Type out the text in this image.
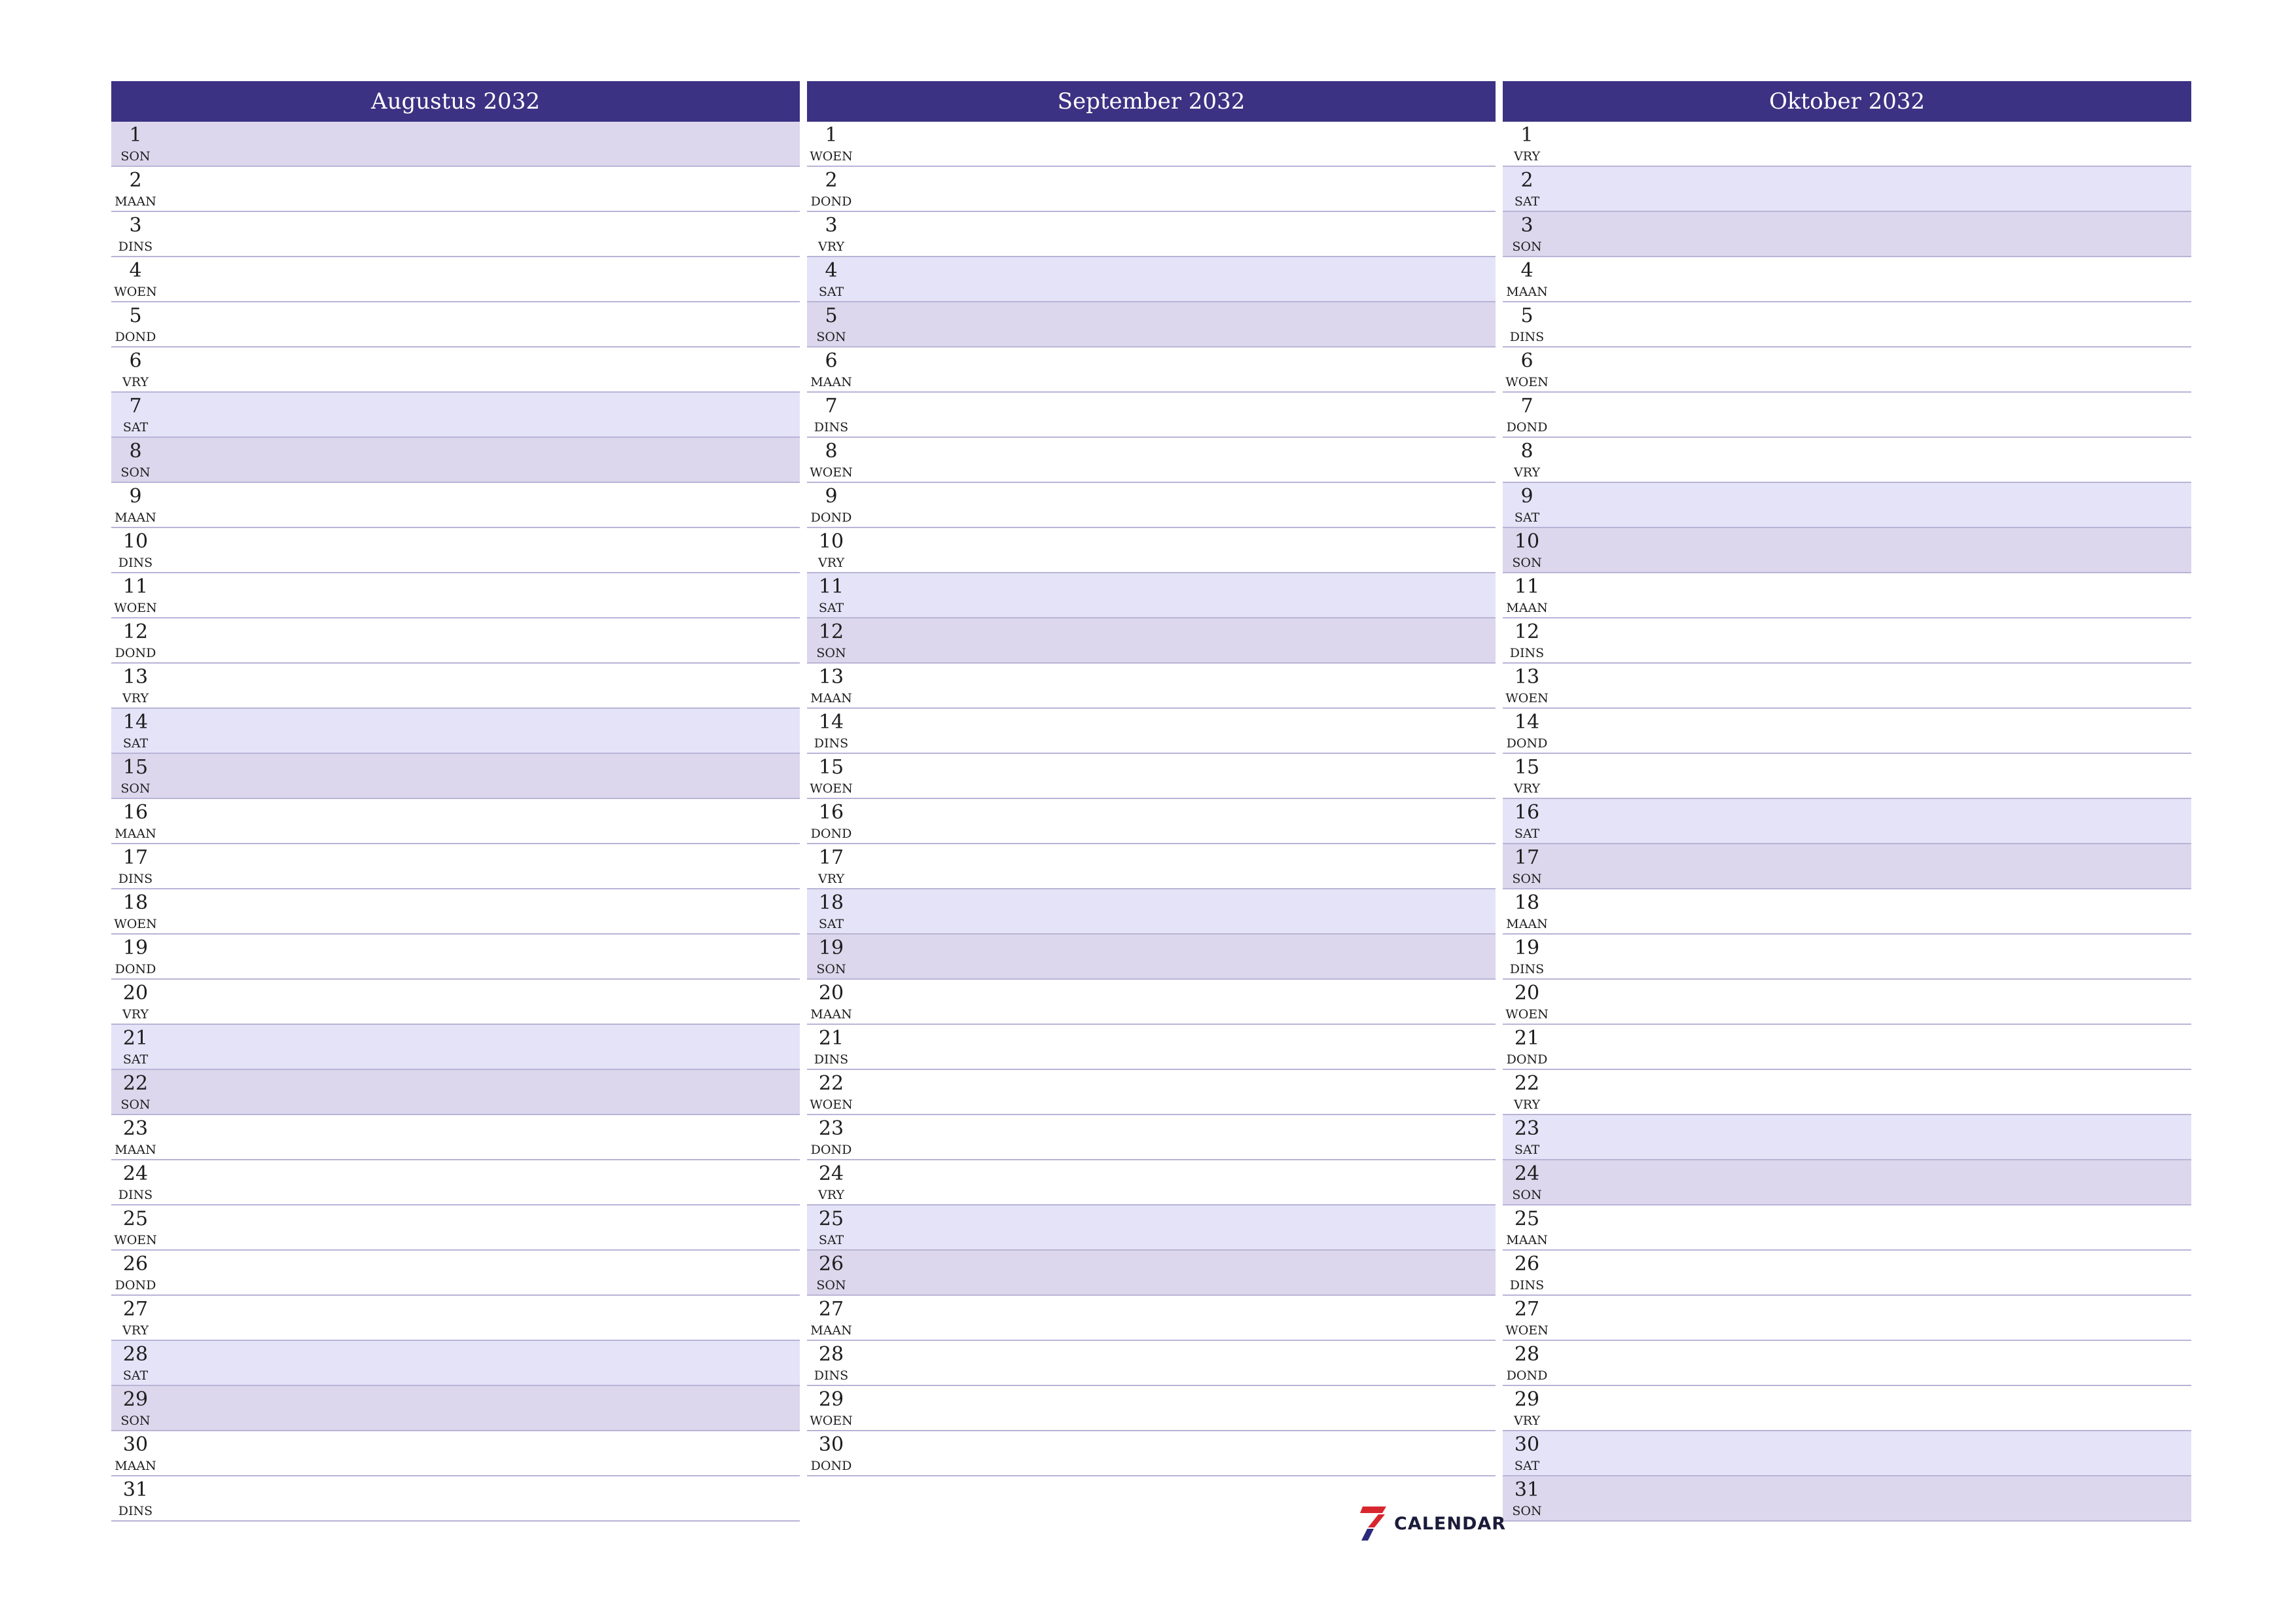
Augustus 2032
1
SON
2
MAAN
3
DINS
4
WOEN
5
DOND
6
VRY
7
SAT
8
SON
9
MAAN
10
DINS
11
WOEN
12
DOND
13
VRY
14
SAT
15
SON
16
MAAN
17
DINS
18
WOEN
19
DOND
20
VRY
21
SAT
22
SON
23
MAAN
24
DINS
25
WOEN
26
DOND
27
VRY
28
SAT
29
SON
30
MAAN
31
DINS
September 2032
1
WOEN
2
DOND
3
VRY
4
SAT
5
SON
6
MAAN
7
DINS
8
WOEN
9
DOND
10
VRY
11
SAT
12
SON
13
MAAN
14
DINS
15
WOEN
16
DOND
17
VRY
18
SAT
19
SON
20
MAAN
21
DINS
22
WOEN
23
DOND
24
VRY
25
SAT
26
SON
27
MAAN
28
DINS
29
WOEN
30
DOND
Oktober 2032
1
VRY
2
SAT
3
SON
4
MAAN
5
DINS
6
WOEN
7
DOND
8
VRY
9
SAT
10
SON
11
MAAN
12
DINS
13
WOEN
14
DOND
15
VRY
16
SAT
17
SON
18
MAAN
19
DINS
20
WOEN
21
DOND
22
VRY
23
SAT
24
SON
25
MAAN
26
DINS
27
WOEN
28
DOND
29
VRY
30
SAT
31
SON
CALENDAR
